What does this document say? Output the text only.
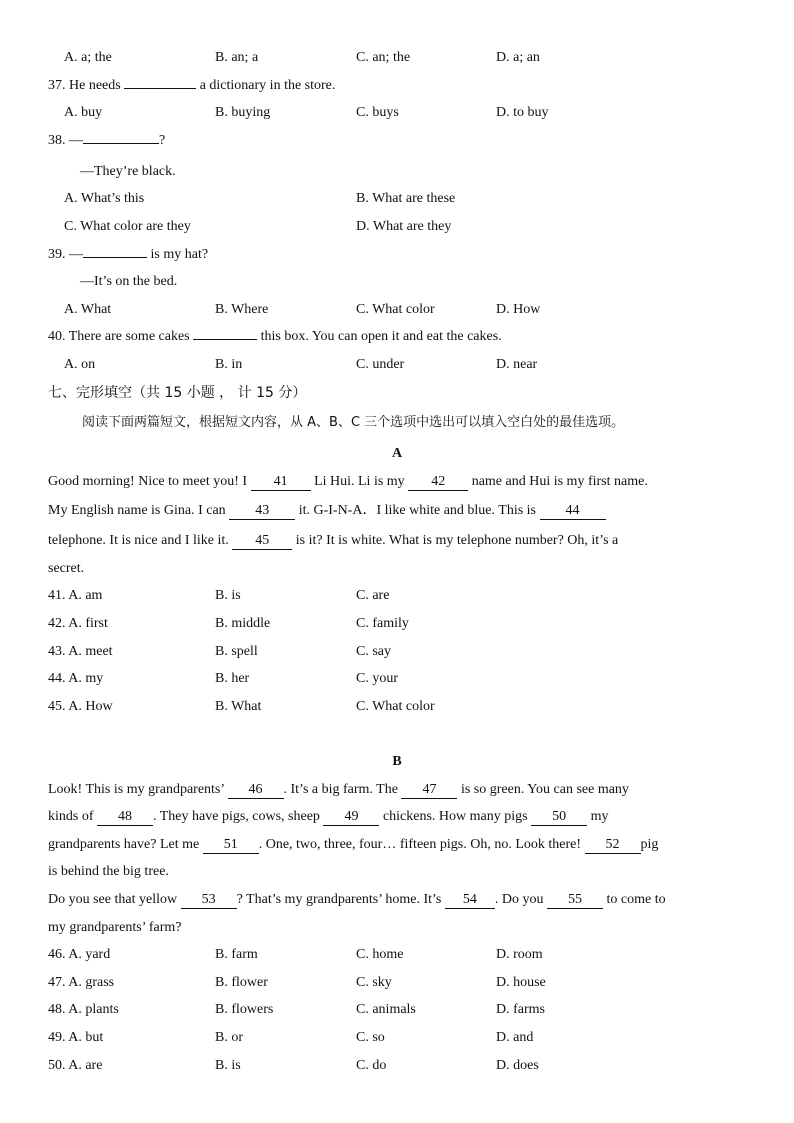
A. a; the	B. an; a	C. an; the	D. a; an
37. He needs	a dictionary in the store.
A. buy	B. buying	C. buys	D. to buy
38. —	?
—They’re black.
A. What’s this	B. What are these
C. What color are they	D. What are they
39. —	is my hat?
—It’s on the bed.
A. What	B. Where	C. What color	D. How
40. There are some cakes	this box. You can open it and eat the cakes.
A. on	B. in	C. under	D. near
七、完形填空（共 15 小题 ， 计 15 分）
阅读下面两篇短文，根据短文内容，从 A、B、C 三个选项中选出可以填入空白处的最佳选项。
A
Good morning! Nice to meet you! I 41 Li Hui. Li is my 42 name and Hui is my first name.
My English name is Gina. I can 43 it. G-I-N-A．I like white and blue. This is 44
telephone. It is nice and I like it. 45 is it? It is white. What is my telephone number? Oh, it’s a
secret.
41. A. am	B. is	C. are
42. A. first	B. middle	C. family
43. A. meet	B. spell	C. say
44. A. my	B. her	C. your
45. A. How	B. What	C. What color
B
Look! This is my grandparents’ 46 . It’s a big farm. The 47 is so green. You can see many
kinds of 48 . They have pigs, cows, sheep 49 chickens. How many pigs 50 my
grandparents have? Let me 51 . One, two, three, four… fifteen pigs. Oh, no. Look there! 52 pig
is behind the big tree.
Do you see that yellow 53 ? That’s my grandparents’ home. It’s 54 . Do you 55 to come to
my grandparents’ farm?
46. A. yard	B. farm	C. home	D. room
47. A. grass	B. flower	C. sky	D. house
48. A. plants	B. flowers	C. animals	D. farms
49. A. but	B. or	C. so	D. and
50. A. are	B. is	C. do	D. does
